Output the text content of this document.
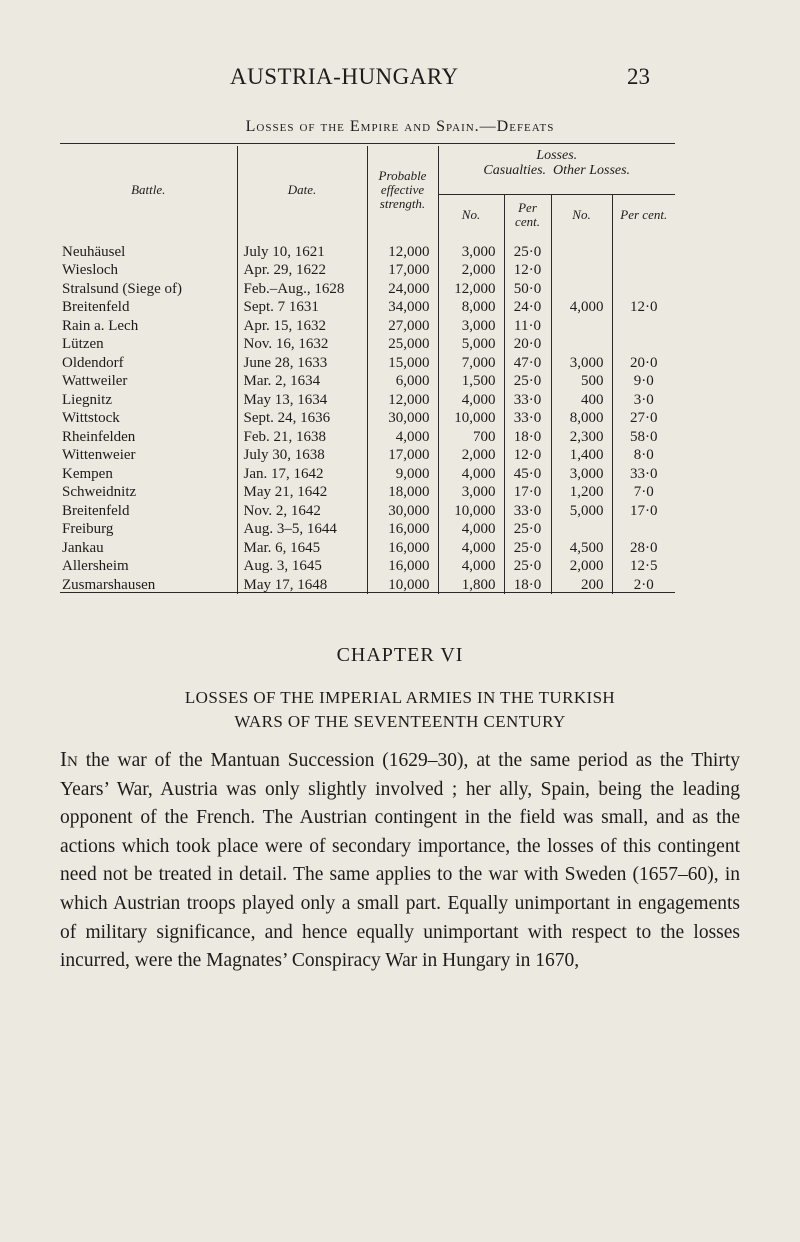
AUSTRIA-HUNGARY	23
Losses of the Empire and Spain.—Defeats
Battle.	Date.	Probable effective strength.	Losses.
Casualties. Other Losses.			

			No.	Per cent.	No.	Per cent.

Neuhäusel	July 10, 1621	12,000	3,000	25·0		
Wiesloch	Apr. 29, 1622	17,000	2,000	12·0		
Stralsund (Siege of)	Feb.–Aug., 1628	24,000	12,000	50·0		
Breitenfeld	Sept. 7 1631	34,000	8,000	24·0	4,000	12·0
Rain a. Lech	Apr. 15, 1632	27,000	3,000	11·0		
Lützen	Nov. 16, 1632	25,000	5,000	20·0		
Oldendorf	June 28, 1633	15,000	7,000	47·0	3,000	20·0
Wattweiler	Mar. 2, 1634	6,000	1,500	25·0	500	9·0
Liegnitz	May 13, 1634	12,000	4,000	33·0	400	3·0
Wittstock	Sept. 24, 1636	30,000	10,000	33·0	8,000	27·0
Rheinfelden	Feb. 21, 1638	4,000	700	18·0	2,300	58·0
Wittenweier	July 30, 1638	17,000	2,000	12·0	1,400	8·0
Kempen	Jan. 17, 1642	9,000	4,000	45·0	3,000	33·0
Schweidnitz	May 21, 1642	18,000	3,000	17·0	1,200	7·0
Breitenfeld	Nov. 2, 1642	30,000	10,000	33·0	5,000	17·0
Freiburg	Aug. 3–5, 1644	16,000	4,000	25·0		
Jankau	Mar. 6, 1645	16,000	4,000	25·0	4,500	28·0
Allersheim	Aug. 3, 1645	16,000	4,000	25·0	2,000	12·5
Zusmarshausen	May 17, 1648	10,000	1,800	18·0	200	2·0
CHAPTER VI
LOSSES OF THE IMPERIAL ARMIES IN THE TURKISH
WARS OF THE SEVENTEENTH CENTURY

In the war of the Mantuan Succession (1629–30), at the same period as the Thirty Years’ War, Austria was only slightly involved ; her ally, Spain, being the leading opponent of the French. The Austrian contingent in the field was small, and as the actions which took place were of secondary importance, the losses of this contingent need not be treated in detail. The same applies to the war with Sweden (1657–60), in which Austrian troops played only a small part. Equally unimportant in engagements of military significance, and hence equally unimportant with respect to the losses incurred, were the Magnates’ Conspiracy War in Hungary in 1670,
